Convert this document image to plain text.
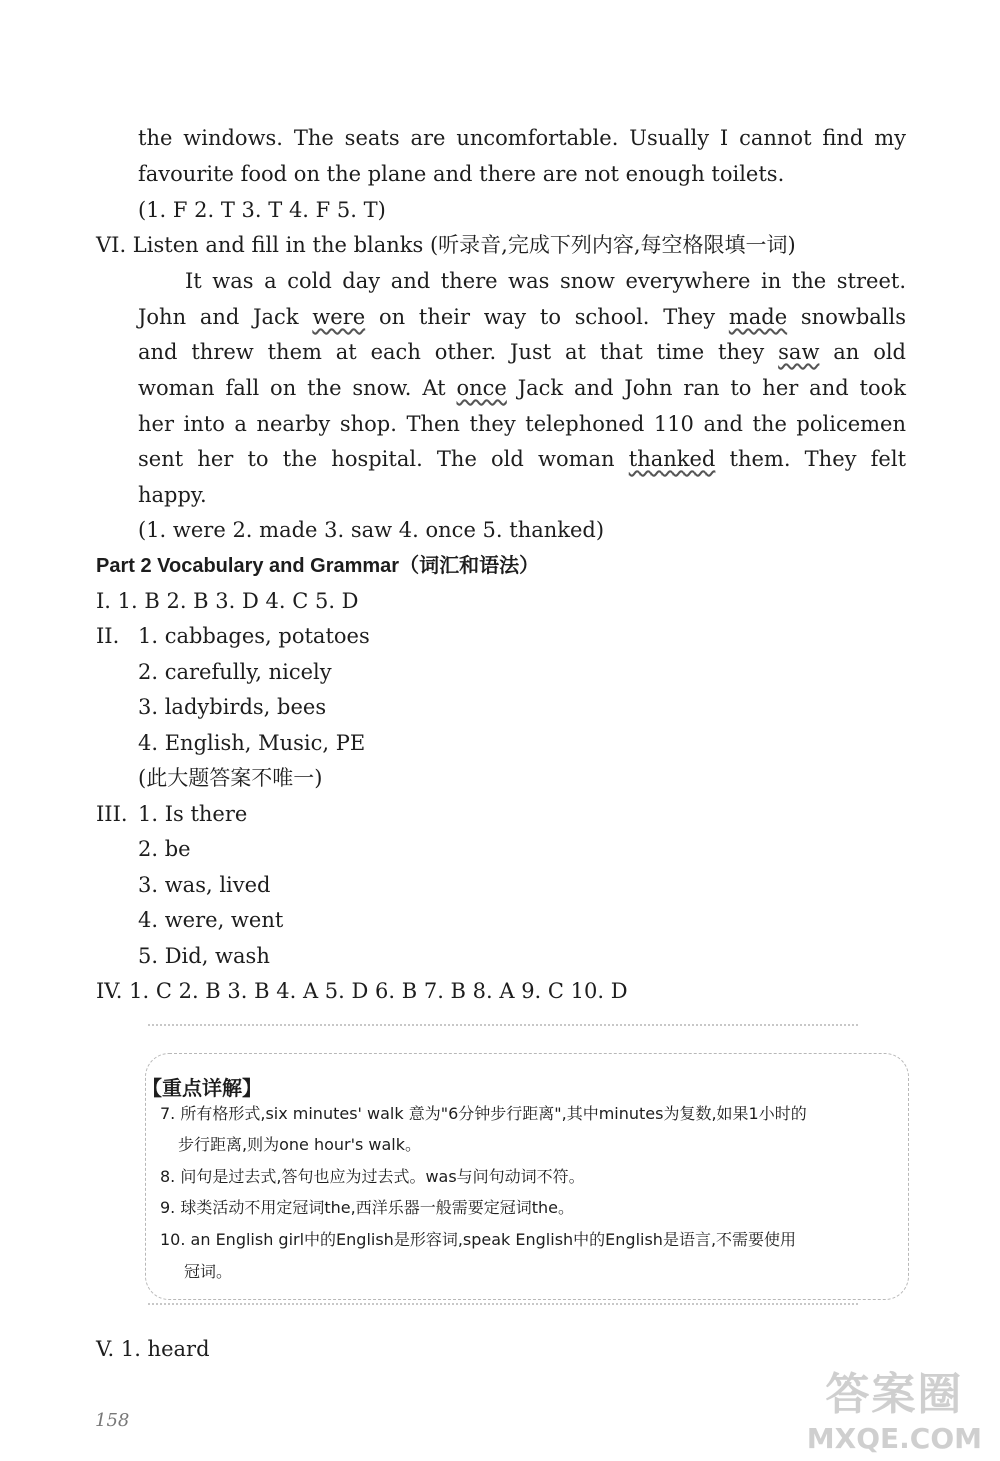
the windows. The seats are uncomfortable. Usually I cannot find my
favourite food on the plane and there are not enough toilets.
(1. F 2. T 3. T 4. F 5. T)
VI. Listen and fill in the blanks (听录音,完成下列内容,每空格限填一词)
It was a cold day and there was snow everywhere in the street.
John and Jack were on their way to school. They made snowballs
and threw them at each other. Just at that time they saw an old
woman fall on the snow. At once Jack and John ran to her and took
her into a nearby shop. Then they telephoned 110 and the policemen
sent her to the hospital. The old woman thanked them. They felt
happy.
(1. were 2. made 3. saw 4. once 5. thanked)
Part 2 Vocabulary and Grammar（词汇和语法）
I. 1. B 2. B 3. D 4. C 5. D
II. 1. cabbages, potatoes
2. carefully, nicely
3. ladybirds, bees
4. English, Music, PE
(此大题答案不唯一)
III. 1. Is there
2. be
3. was, lived
4. were, went
5. Did, wash
IV. 1. C 2. B 3. B 4. A 5. D 6. B 7. B 8. A 9. C 10. D
【重点详解】
7. 所有格形式,six minutes' walk 意为"6分钟步行距离",其中minutes为复数,如果1小时的
步行距离,则为one hour's walk。
8. 问句是过去式,答句也应为过去式。was与问句动词不符。
9. 球类活动不用定冠词the,西洋乐器一般需要定冠词the。
10. an English girl中的English是形容词,speak English中的English是语言,不需要使用
冠词。
V. 1. heard
158
答案圈
MXQE.COM
